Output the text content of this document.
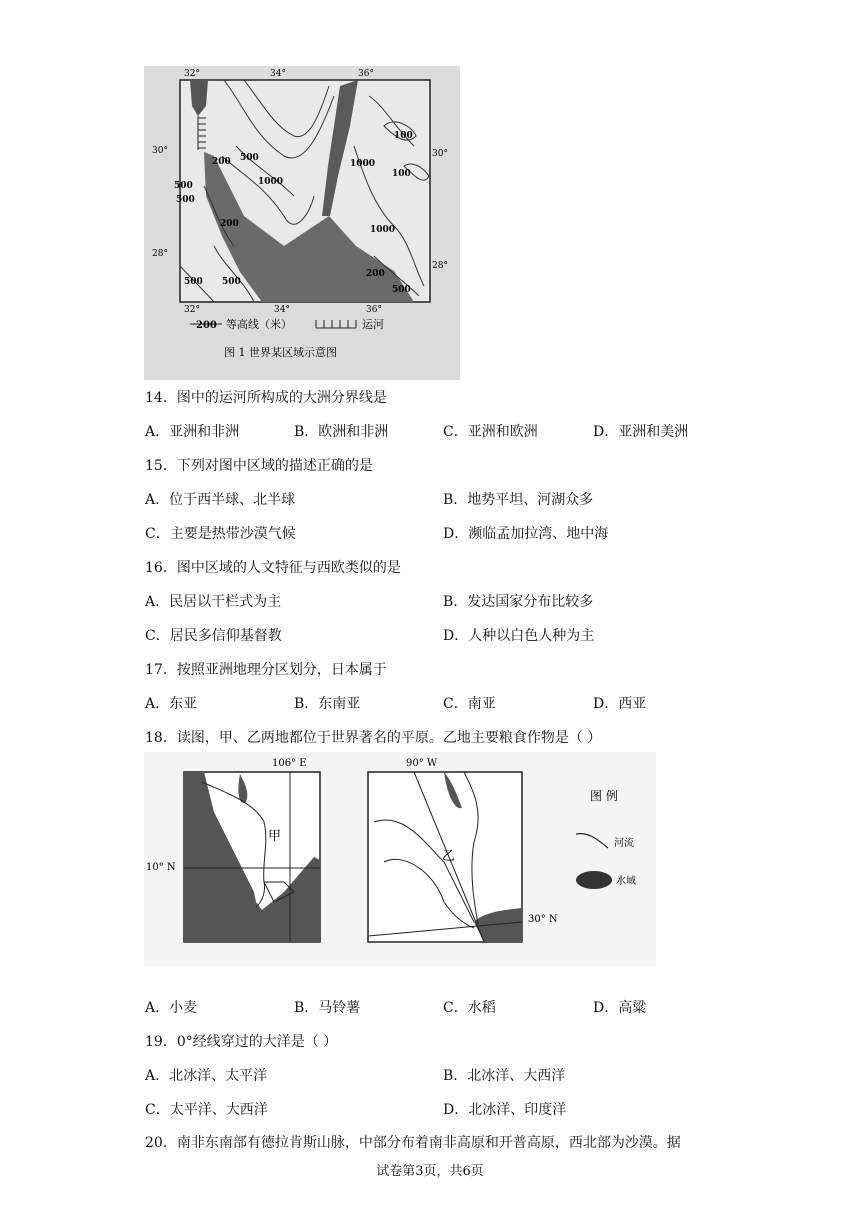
32°	34°	36°
32°	34°	36°
30°	30°
28°
28°
100
100
200 500
1000
1000
500
500
200
1000
200
500
500 500
200 等高线（米）	运河
图 1 世界某区域示意图
甲
106° E
10° N
乙
90° W
30° N
图 例
河流
水域
14．图中的运河所构成的大洲分界线是
A．亚洲和非洲	B．欧洲和非洲	C．亚洲和欧洲	D．亚洲和美洲
15．下列对图中区域的描述正确的是
A．位于西半球、北半球	B．地势平坦、河湖众多
C．主要是热带沙漠气候	D．濒临孟加拉湾、地中海
16．图中区域的人文特征与西欧类似的是
A．民居以干栏式为主	B．发达国家分布比较多
C．居民多信仰基督教	D．人种以白色人种为主
17．按照亚洲地理分区划分，日本属于
A．东亚	B．东南亚	C．南亚	D．西亚
18．读图，甲、乙两地都位于世界著名的平原。乙地主要粮食作物是（ ）
A．小麦	B．马铃薯	C．水稻	D．高粱
19．0°经线穿过的大洋是（ ）
A．北冰洋、太平洋	B．北冰洋、大西洋
C．太平洋、大西洋	D．北冰洋、印度洋
20．南非东南部有德拉肯斯山脉，中部分布着南非高原和开普高原，西北部为沙漠。据
试卷第3页，共6页
